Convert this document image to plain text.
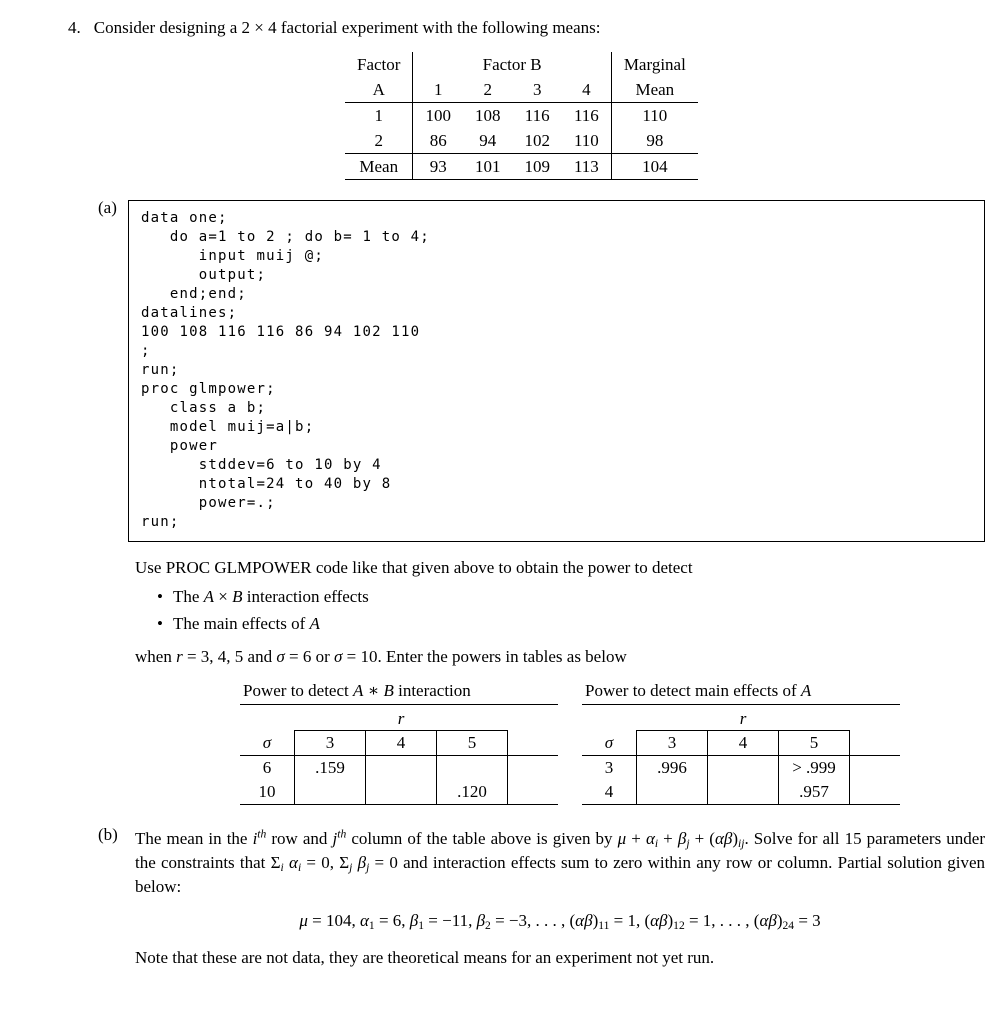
4. Consider designing a 2 × 4 factorial experiment with the following means:
Factor	Factor B				Marginal
A	1	2	3	4	Mean
1	100	108	116	116	110
2	86	94	102	110	98
Mean	93	101	109	113	104
(a)
data one;
do a=1 to 2 ; do b= 1 to 4;
input muij @;
output;
end;end;
datalines;
100 108 116 116 86 94 102 110
;
run;
proc glmpower;
class a b;
model muij=a|b;
power
stddev=6 to 10 by 4
ntotal=24 to 40 by 8
power=.;
run;
Use PROC GLMPOWER code like that given above to obtain the power to detect
• The A × B interaction effects
• The main effects of A
when r = 3, 4, 5 and σ = 6 or σ = 10. Enter the powers in tables as below
Power to detect A ∗ B interaction
	r			
σ	3	4	5	
6	.159			
10			.120	
Power to detect main effects of A
	r			
σ	3	4	5	
3	.996		> .999	
4			.957	
(b)	The mean in the $i^{th}$ row and $j^{th}$ column of the table above is given by $\mu + \alpha_i + \beta_j + (\alpha\beta)_{ij}$. Solve for all 15 parameters under the constraints that $\Sigma_i$ $\alpha_i = 0$, $\Sigma_j$ $\beta_j = 0$ and interaction effects sum to zero within any row or column. Partial solution given below:
μ = 104, $\alpha_1 = 6$, $\beta_1 = -11$, $\beta_2 = -3$, . . . , $(\alpha\beta)_{11} = 1$, $(\alpha\beta)_{12} = 1$, . . . , $(\alpha\beta)_{24} = 3$
Note that these are not data, they are theoretical means for an experiment not yet run.
